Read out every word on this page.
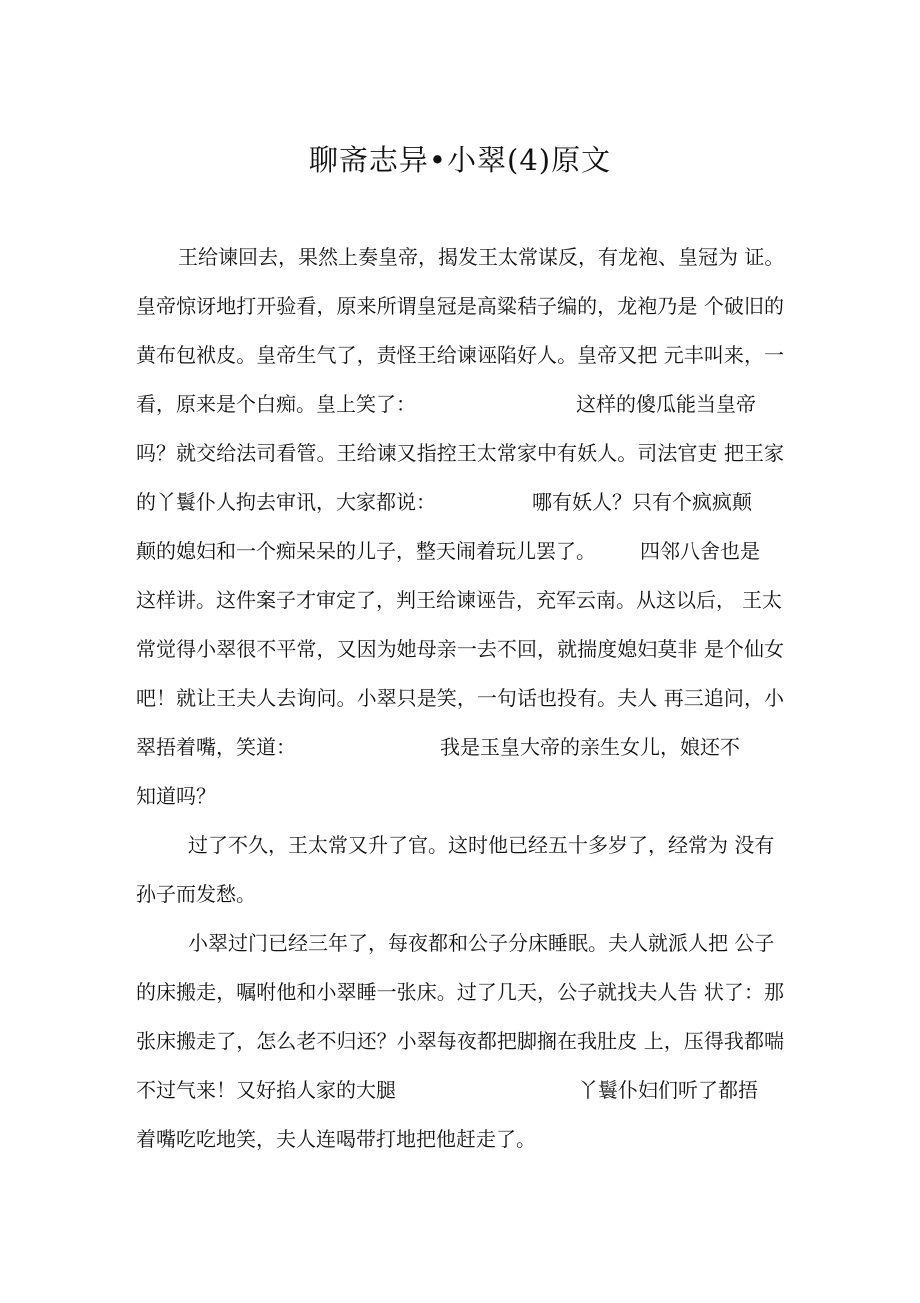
聊斋志异•小翠(4)原文
王给谏回去，果然上奏皇帝，揭发王太常谋反，有龙袍、皇冠为 证。
皇帝惊讶地打开验看，原来所谓皇冠是高粱秸子编的，龙袍乃是 个破旧的
黄布包袱皮。皇帝生气了，责怪王给谏诬陷好人。皇帝又把 元丰叫来，一
看，原来是个白痴。皇上笑了：	这样的傻瓜能当皇帝
吗？就交给法司看管。王给谏又指控王太常家中有妖人。司法官吏 把王家
的丫鬟仆人拘去审讯，大家都说：	哪有妖人？只有个疯疯颠
颠的媳妇和一个痴呆呆的儿子，整天闹着玩儿罢了。 四邻八舍也是
这样讲。这件案子才审定了，判王给谏诬告，充军云南。从这以后， 王太
常觉得小翠很不平常，又因为她母亲一去不回，就揣度媳妇莫非 是个仙女
吧！就让王夫人去询问。小翠只是笑，一句话也投有。夫人 再三追问，小
翠捂着嘴，笑道：	我是玉皇大帝的亲生女儿，娘还不
知道吗？
过了不久，王太常又升了官。这时他已经五十多岁了，经常为 没有
孙子而发愁。
小翠过门已经三年了，每夜都和公子分床睡眠。夫人就派人把 公子
的床搬走，嘱咐他和小翠睡一张床。过了几天，公子就找夫人告 状了：那
张床搬走了，怎么老不归还？小翠每夜都把脚搁在我肚皮 上，压得我都喘
不过气来！又好掐人家的大腿	丫鬟仆妇们听了都捂
着嘴吃吃地笑，夫人连喝带打地把他赶走了。
